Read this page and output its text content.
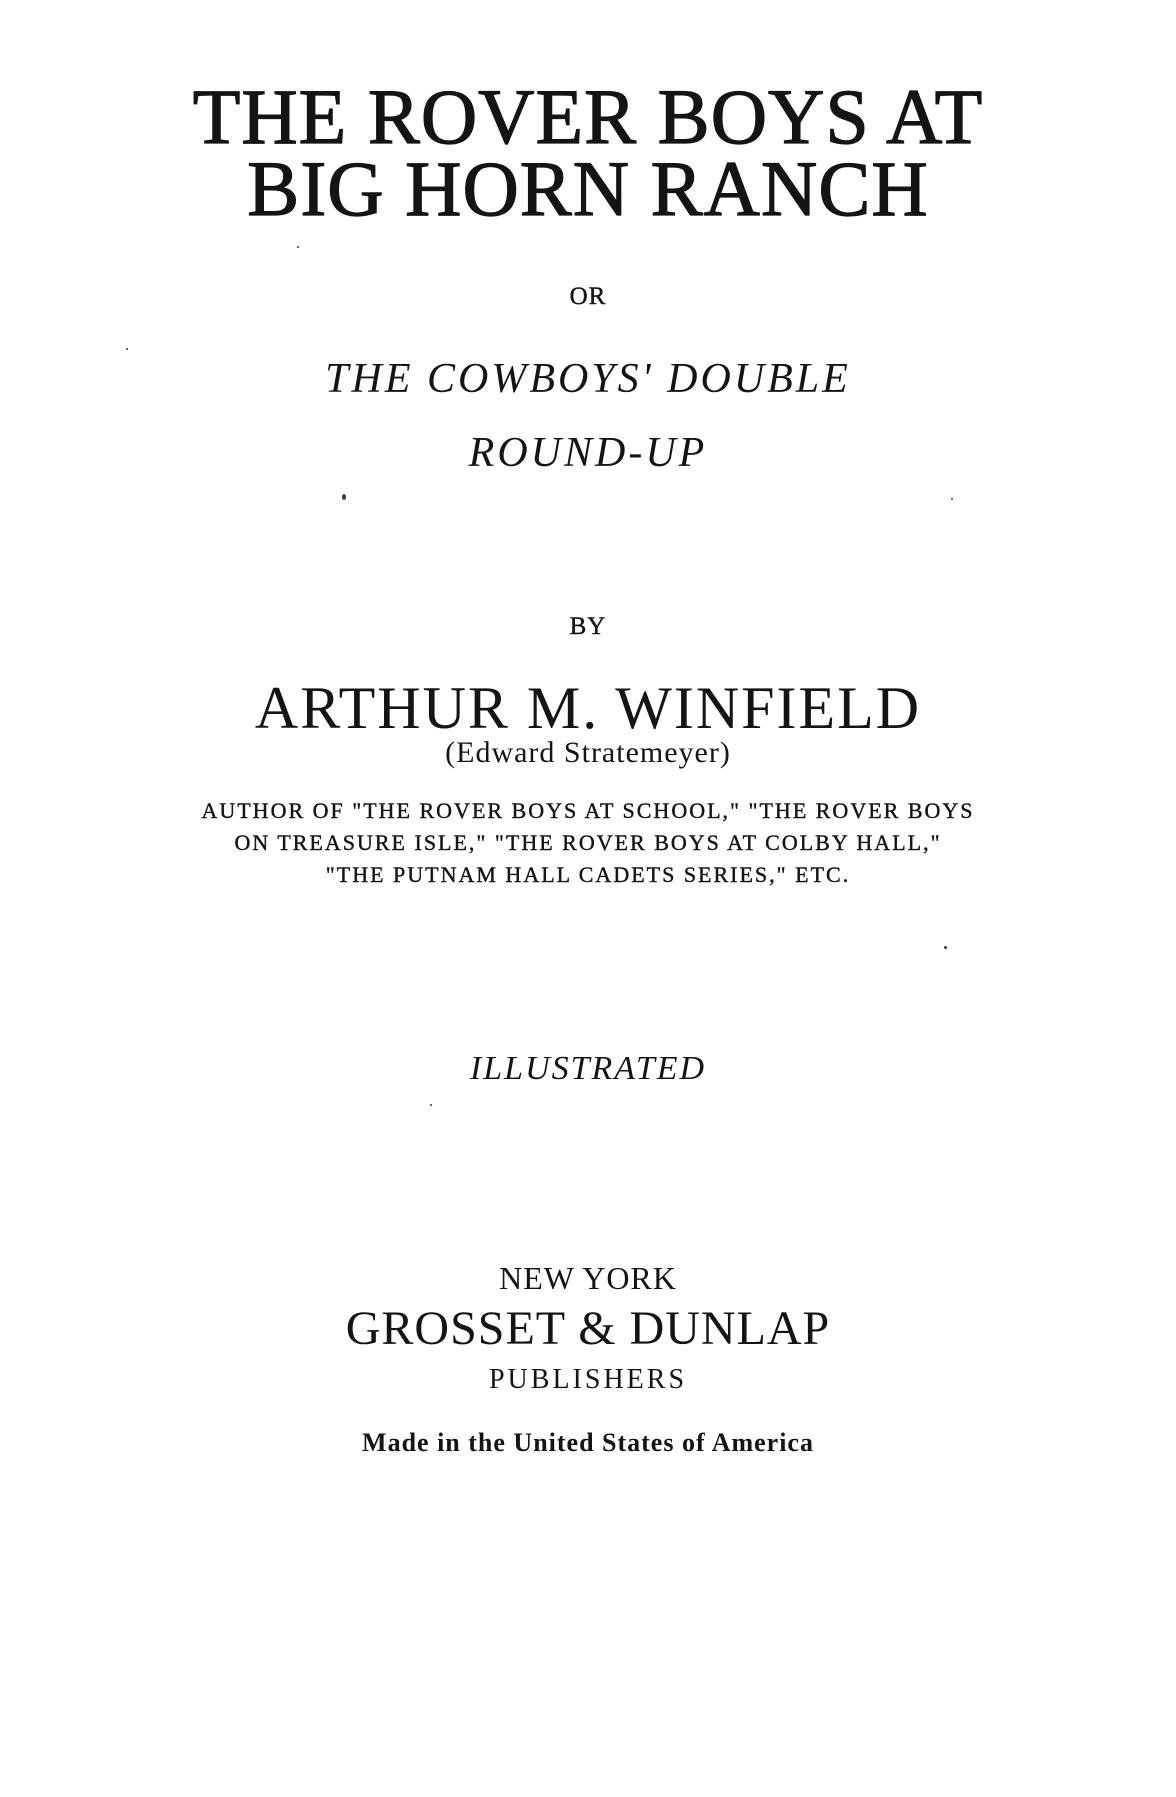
THE ROVER BOYS AT
BIG HORN RANCH

OR

THE COWBOYS' DOUBLE

ROUND-UP

BY

ARTHUR M. WINFIELD

(Edward Stratemeyer)

AUTHOR OF "THE ROVER BOYS AT SCHOOL," "THE ROVER BOYS

ON TREASURE ISLE," "THE ROVER BOYS AT COLBY HALL,"

"THE PUTNAM HALL CADETS SERIES," ETC.

ILLUSTRATED

NEW YORK

GROSSET & DUNLAP

PUBLISHERS

Made in the United States of America
